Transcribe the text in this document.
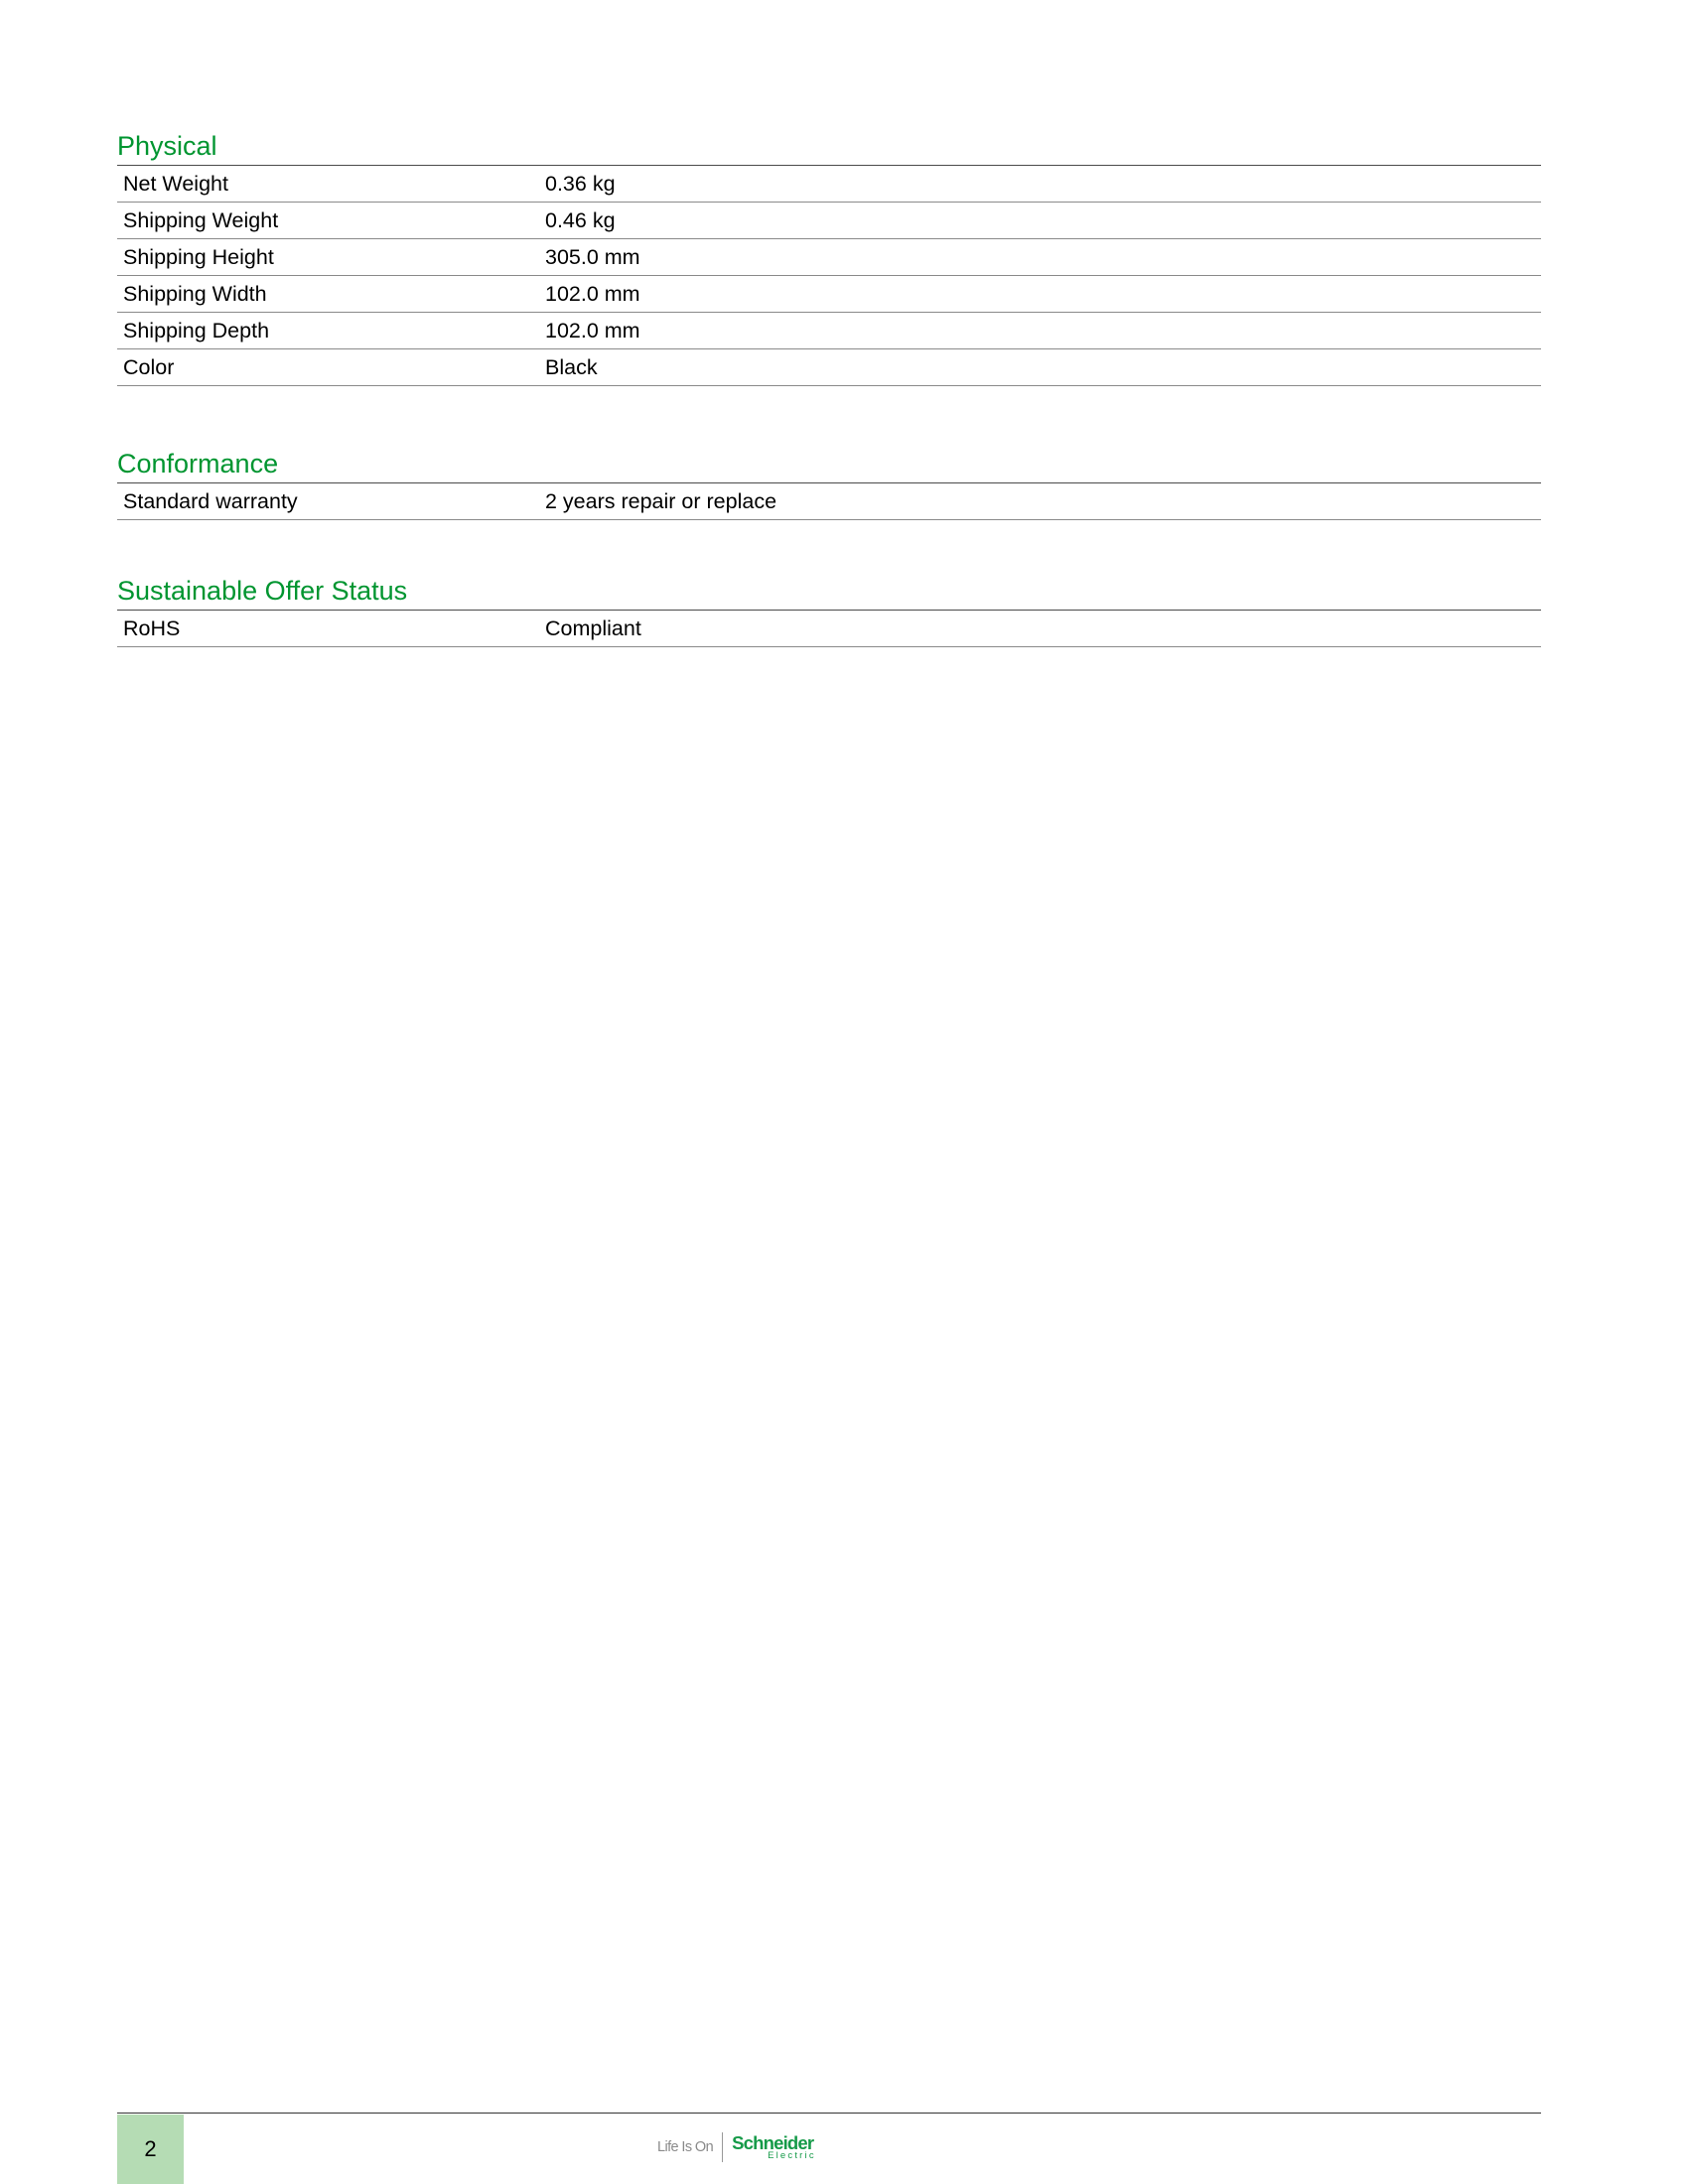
Physical
Net Weight	0.36 kg
Shipping Weight	0.46 kg
Shipping Height	305.0 mm
Shipping Width	102.0 mm
Shipping Depth	102.0 mm
Color	Black
Conformance
Standard warranty	2 years repair or replace
Sustainable Offer Status
RoHS	Compliant
2	Life Is On	Schneider
Electric
